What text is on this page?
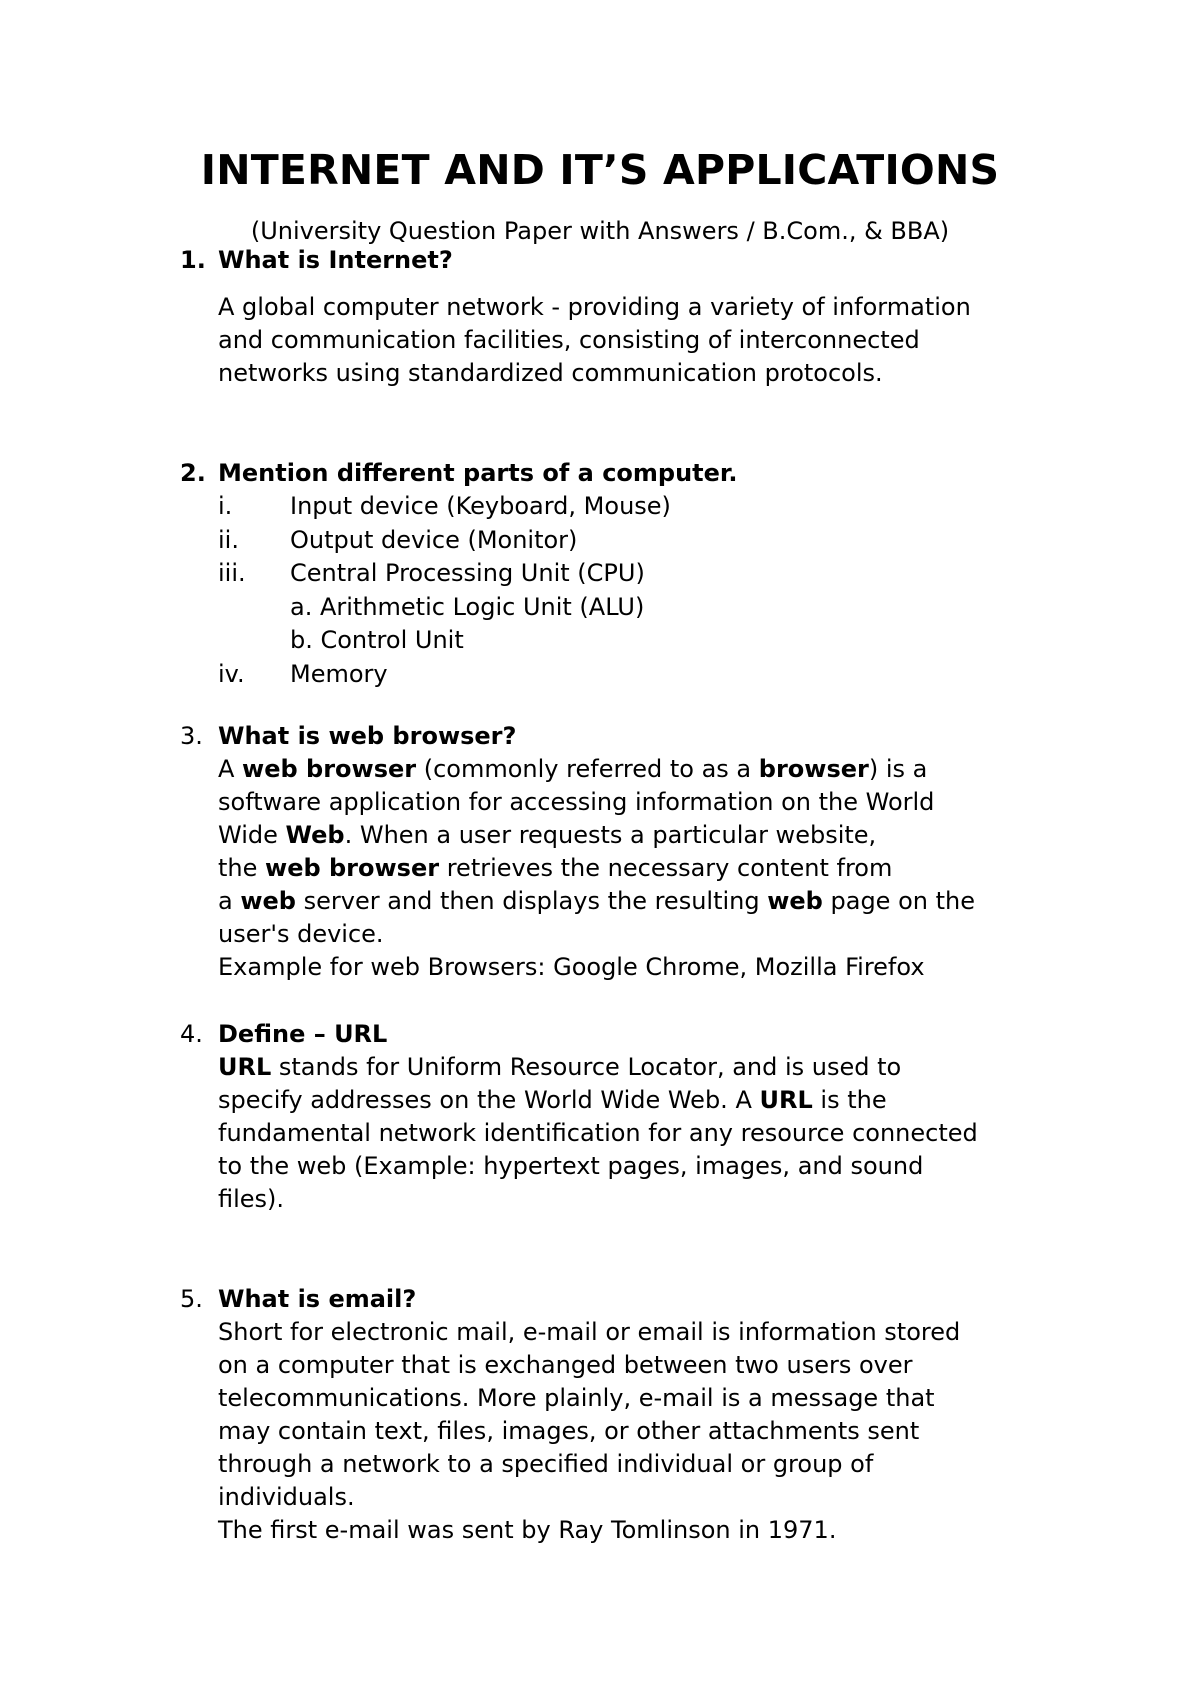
INTERNET AND IT’S APPLICATIONS
(University Question Paper with Answers / B.Com., & BBA)
1. What is Internet?
A global computer network - providing a variety of information
and communication facilities, consisting of interconnected
networks using standardized communication protocols.
2. Mention different parts of a computer.
i. Input device (Keyboard, Mouse)
ii. Output device (Monitor)
iii. Central Processing Unit (CPU)
a. Arithmetic Logic Unit (ALU)
b. Control Unit
iv. Memory
3. What is web browser?
A web browser (commonly referred to as a browser) is a
software application for accessing information on the World
Wide Web. When a user requests a particular website,
the web browser retrieves the necessary content from
a web server and then displays the resulting web page on the
user's device.
Example for web Browsers: Google Chrome, Mozilla Firefox
4. Define – URL
URL stands for Uniform Resource Locator, and is used to
specify addresses on the World Wide Web. A URL is the
fundamental network identification for any resource connected
to the web (Example: hypertext pages, images, and sound
files).
5. What is email?
Short for electronic mail, e-mail or email is information stored
on a computer that is exchanged between two users over
telecommunications. More plainly, e-mail is a message that
may contain text, files, images, or other attachments sent
through a network to a specified individual or group of
individuals.
The first e-mail was sent by Ray Tomlinson in 1971.
